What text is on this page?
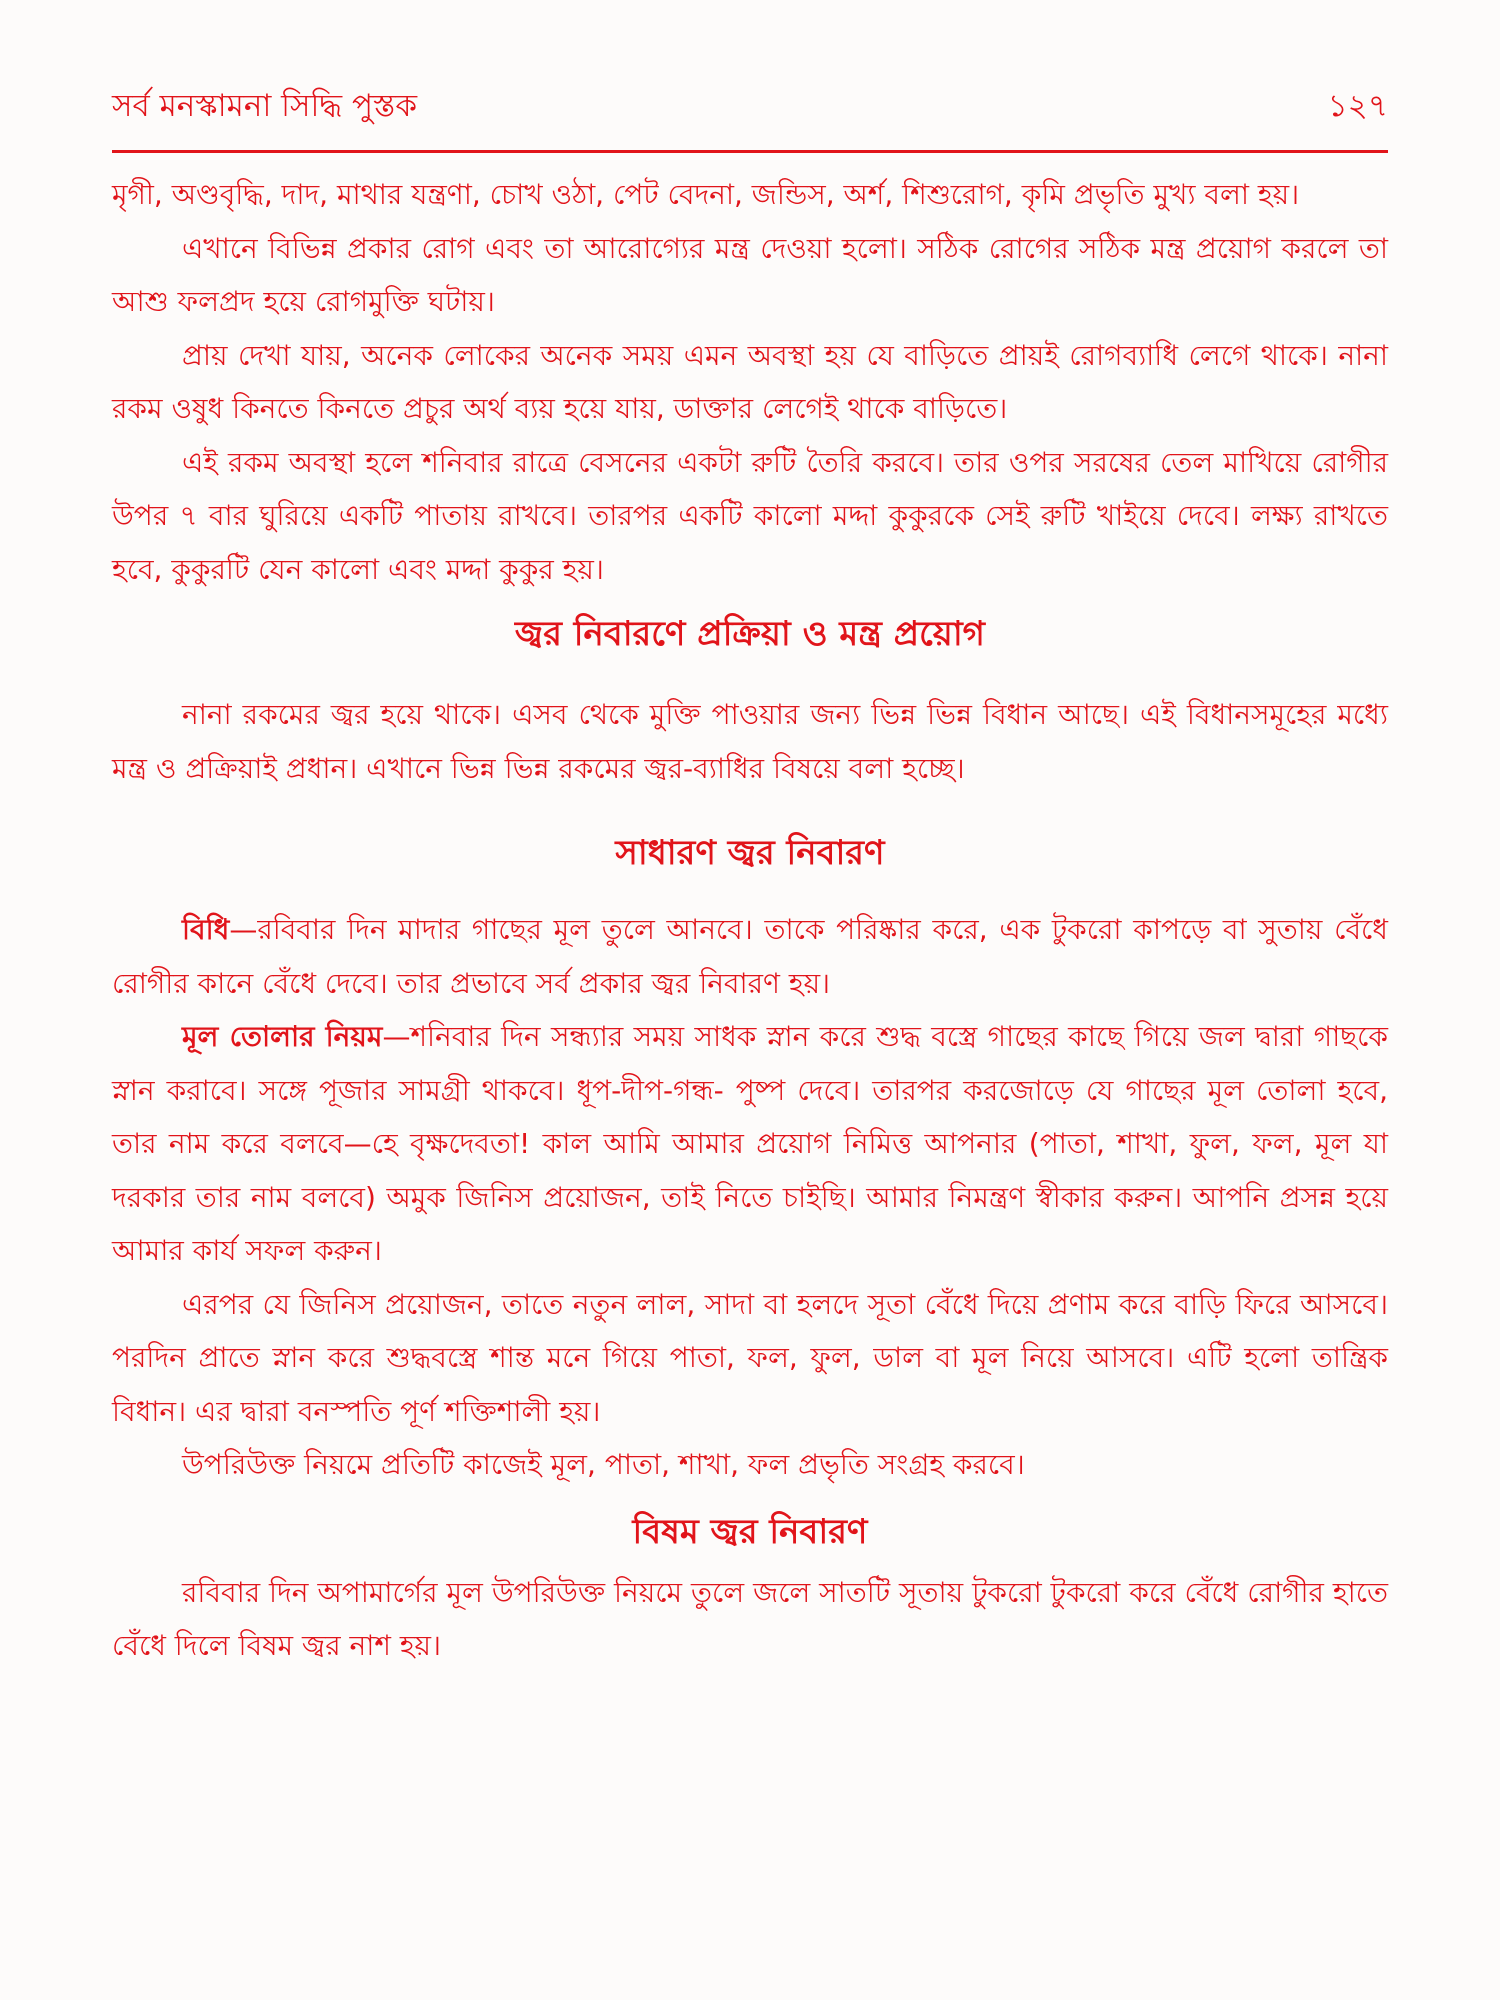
সর্ব মনস্কামনা সিদ্ধি পুস্তক	১২৭

মৃগী, অণ্ডবৃদ্ধি, দাদ, মাথার যন্ত্রণা, চোখ ওঠা, পেট বেদনা, জন্ডিস, অর্শ, শিশুরোগ, কৃমি প্রভৃতি মুখ্য বলা হয়।

এখানে বিভিন্ন প্রকার রোগ এবং তা আরোগ্যের মন্ত্র দেওয়া হলো। সঠিক রোগের সঠিক মন্ত্র প্রয়োগ করলে তা আশু ফলপ্রদ হয়ে রোগমুক্তি ঘটায়।

প্রায় দেখা যায়, অনেক লোকের অনেক সময় এমন অবস্থা হয় যে বাড়িতে প্রায়ই রোগব্যাধি লেগে থাকে। নানা রকম ওষুধ কিনতে কিনতে প্রচুর অর্থ ব্যয় হয়ে যায়, ডাক্তার লেগেই থাকে বাড়িতে।

এই রকম অবস্থা হলে শনিবার রাত্রে বেসনের একটা রুটি তৈরি করবে। তার ওপর সরষের তেল মাখিয়ে রোগীর উপর ৭ বার ঘুরিয়ে একটি পাতায় রাখবে। তারপর একটি কালো মদ্দা কুকুরকে সেই রুটি খাইয়ে দেবে। লক্ষ্য রাখতে হবে, কুকুরটি যেন কালো এবং মদ্দা কুকুর হয়।

জ্বর নিবারণে প্রক্রিয়া ও মন্ত্র প্রয়োগ

নানা রকমের জ্বর হয়ে থাকে। এসব থেকে মুক্তি পাওয়ার জন্য ভিন্ন ভিন্ন বিধান আছে। এই বিধানসমূহের মধ্যে মন্ত্র ও প্রক্রিয়াই প্রধান। এখানে ভিন্ন ভিন্ন রকমের জ্বর-ব্যাধির বিষয়ে বলা হচ্ছে।

সাধারণ জ্বর নিবারণ

বিধি—রবিবার দিন মাদার গাছের মূল তুলে আনবে। তাকে পরিষ্কার করে, এক টুকরো কাপড়ে বা সুতায় বেঁধে রোগীর কানে বেঁধে দেবে। তার প্রভাবে সর্ব প্রকার জ্বর নিবারণ হয়।

মূল তোলার নিয়ম—শনিবার দিন সন্ধ্যার সময় সাধক স্নান করে শুদ্ধ বস্ত্রে গাছের কাছে গিয়ে জল দ্বারা গাছকে স্নান করাবে। সঙ্গে পূজার সামগ্রী থাকবে। ধূপ-দীপ-গন্ধ- পুষ্প দেবে। তারপর করজোড়ে যে গাছের মূল তোলা হবে, তার নাম করে বলবে—হে বৃক্ষদেবতা! কাল আমি আমার প্রয়োগ নিমিত্ত আপনার (পাতা, শাখা, ফুল, ফল, মূল যা দরকার তার নাম বলবে) অমুক জিনিস প্রয়োজন, তাই নিতে চাইছি। আমার নিমন্ত্রণ স্বীকার করুন। আপনি প্রসন্ন হয়ে আমার কার্য সফল করুন।

এরপর যে জিনিস প্রয়োজন, তাতে নতুন লাল, সাদা বা হলদে সূতা বেঁধে দিয়ে প্রণাম করে বাড়ি ফিরে আসবে। পরদিন প্রাতে স্নান করে শুদ্ধবস্ত্রে শান্ত মনে গিয়ে পাতা, ফল, ফুল, ডাল বা মূল নিয়ে আসবে। এটি হলো তান্ত্রিক বিধান। এর দ্বারা বনস্পতি পূর্ণ শক্তিশালী হয়।

উপরিউক্ত নিয়মে প্রতিটি কাজেই মূল, পাতা, শাখা, ফল প্রভৃতি সংগ্রহ করবে।

বিষম জ্বর নিবারণ

রবিবার দিন অপামার্গের মূল উপরিউক্ত নিয়মে তুলে জলে সাতটি সূতায় টুকরো টুকরো করে বেঁধে রোগীর হাতে বেঁধে দিলে বিষম জ্বর নাশ হয়।
